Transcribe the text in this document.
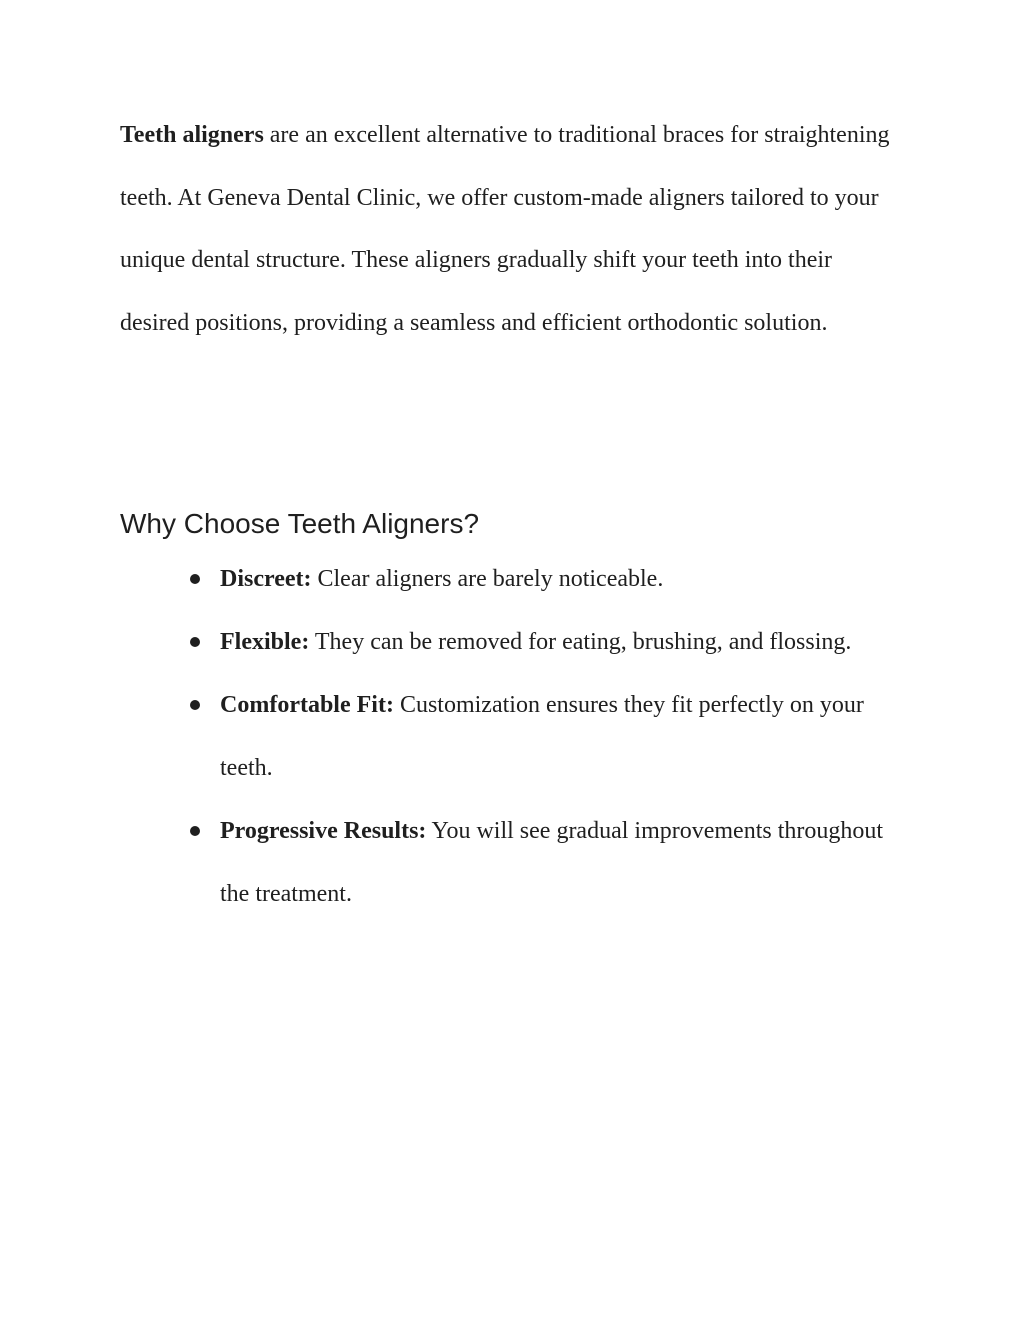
Teeth aligners are an excellent alternative to traditional braces for straightening teeth. At Geneva Dental Clinic, we offer custom-made aligners tailored to your unique dental structure. These aligners gradually shift your teeth into their desired positions, providing a seamless and efficient orthodontic solution.

Why Choose Teeth Aligners?
Discreet: Clear aligners are barely noticeable.
Flexible: They can be removed for eating, brushing, and flossing.
Comfortable Fit: Customization ensures they fit perfectly on your teeth.
Progressive Results: You will see gradual improvements throughout the treatment.
